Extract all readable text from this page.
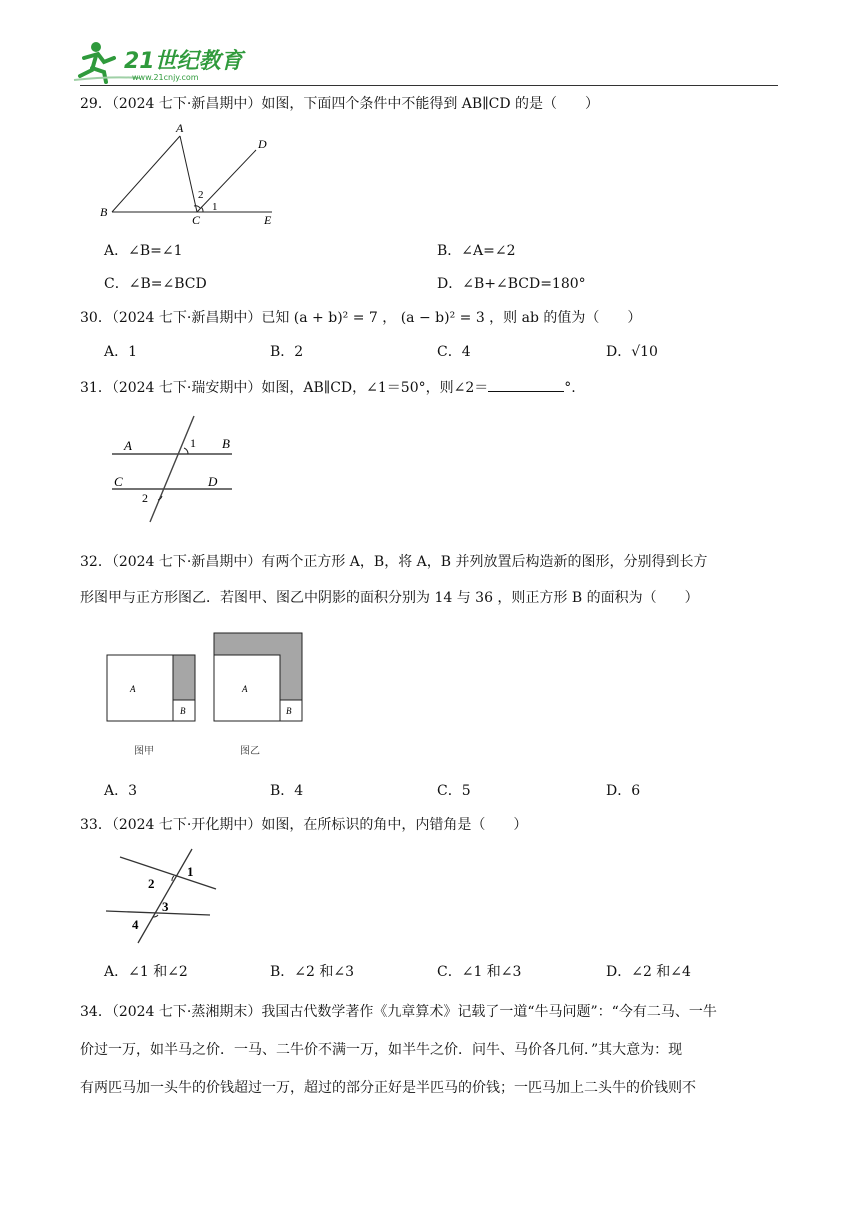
21世纪教育
www.21cnjy.com
29．（2024 七下·新昌期中）如图，下面四个条件中不能得到 AB∥CD 的是（　　）
A
B
C
D
E
1
2
A．∠B=∠1	B．∠A=∠2
C．∠B=∠BCD	D．∠B+∠BCD=180°
30．（2024 七下·新昌期中）已知 (a + b)² = 7 ， (a − b)² = 3 ，则 ab 的值为（　　）
A．1	B．2	C．4	D．√10
31．（2024 七下·瑞安期中）如图，AB∥CD，∠1＝50°，则∠2＝	°.
A	B
C	D
1
2
32．（2024 七下·新昌期中）有两个正方形 A，B，将 A，B 并列放置后构造新的图形，分别得到长方
形图甲与正方形图乙．若图甲、图乙中阴影的面积分别为 14 与 36 ，则正方形 B 的面积为（　　）
A
B
A
B
图甲	图乙
A．3	B．4	C．5	D．6
33．（2024 七下·开化期中）如图，在所标识的角中，内错角是（　　）
1
2
3
4
A．∠1 和∠2	B．∠2 和∠3	C．∠1 和∠3	D．∠2 和∠4
34．（2024 七下·蒸湘期末）我国古代数学著作《九章算术》记载了一道“牛马问题”：“今有二马、一牛
价过一万，如半马之价．一马、二牛价不满一万，如半牛之价．问牛、马价各几何．”其大意为：现
有两匹马加一头牛的价钱超过一万，超过的部分正好是半匹马的价钱；一匹马加上二头牛的价钱则不
